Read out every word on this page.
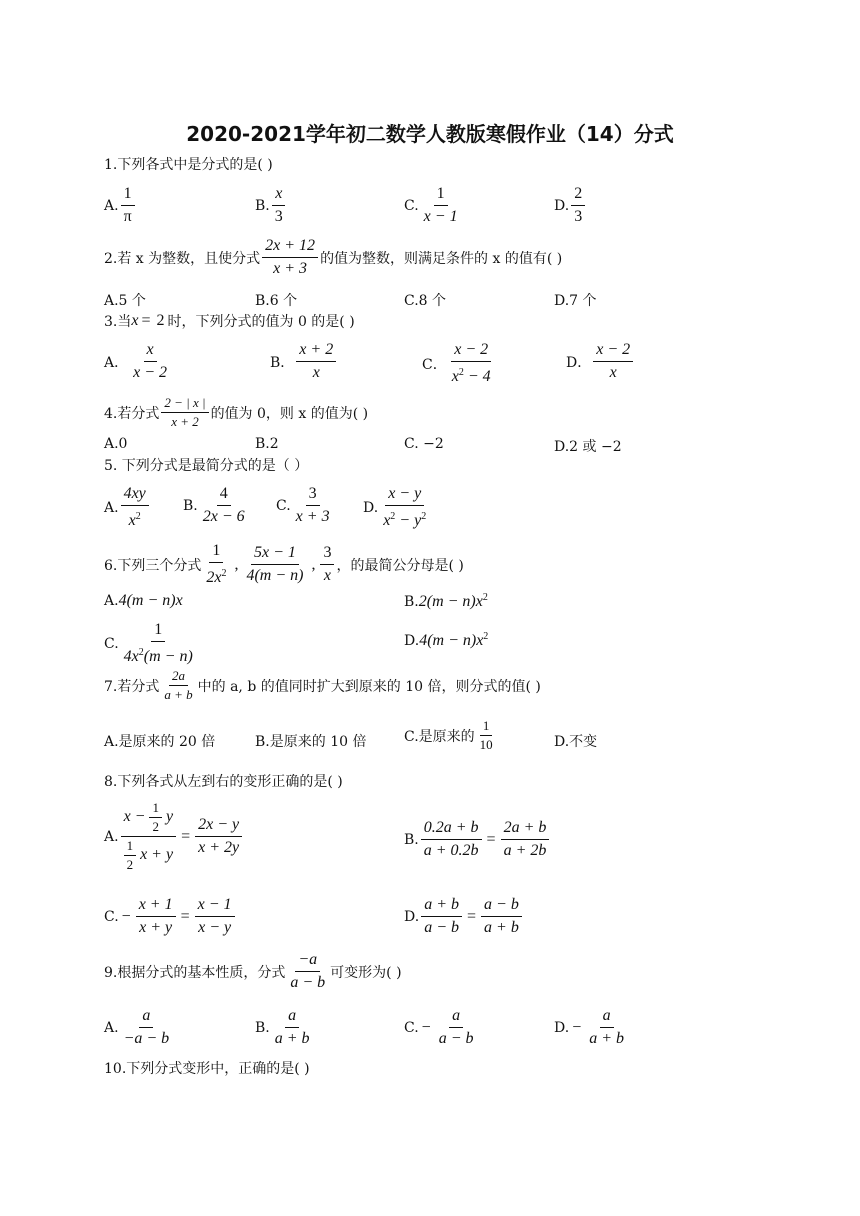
2020-2021学年初二数学人教版寒假作业（14）分式
1.下列各式中是分式的是( )
A. $\frac{1}{\pi}$	B. $\frac{x}{3}$	C. $\frac{1}{x - 1}$	D. $\frac{2}{3}$
2.若 x 为整数，且使分式 $\frac{2x + 12}{x + 3}$ 的值为整数，则满足条件的 x 的值有( )
A.5 个	B.6 个	C.8 个	D.7 个
3.当 x = 2 时，下列分式的值为 0 的是( )
A． $\frac{x}{x - 2}$	B． $\frac{x + 2}{x}$	C． $\frac{x - 2}{x^2 - 4}$	D． $\frac{x - 2}{x}$
4.若分式 $\frac{2 - | x |}{x + 2}$ 的值为 0，则 x 的值为( )
A.0	B.2	C. −2	D.2 或 −2
5. 下列分式是最简分式的是（ ）
A. $\frac{4xy}{x^2} B$. $\frac{4}{2x - 6} C$. $\frac{3}{x + 3} D$. $\frac{x - y}{x^2 - y^2}$
6.下列三个分式 $\frac{1}{2x^2}$ , $\frac{5x - 1}{4(m - n)}$ , $\frac{3}{x}$ ，的最简公分母是( )
A. 4(m − n)x	B. $2(m - n)x^2$
C. $\frac{1}{4x^2(m - n)}$	D. $4(m - n)x^2$
7.若分式 $\frac{2a}{a + b}$ 中的 a, b 的值同时扩大到原来的 10 倍，则分式的值( )
A.是原来的 20 倍	B.是原来的 10 倍	C.是原来的 $\frac{1}{10}$	D.不变
8.下列各式从左到右的变形正确的是( )
A. $\frac{x - \frac{1}{2} y}{\frac{1}{2} x + y} = \frac{2x - y}{x + 2y}$	B. $\frac{0.2a + b}{a + 0.2b} = \frac{2a + b}{a + 2b}$
C. − $\frac{x + 1}{x + y} = \frac{x - 1}{x - y}$	D. $\frac{a + b}{a - b} = \frac{a - b}{a + b}$
9.根据分式的基本性质，分式 $\frac{-a}{a - b}$ 可变形为( )
A. $\frac{a}{-a - b}$	B. $\frac{a}{a + b}$	C. − $\frac{a}{a - b}$	D. − $\frac{a}{a + b}$
10.下列分式变形中，正确的是( )
